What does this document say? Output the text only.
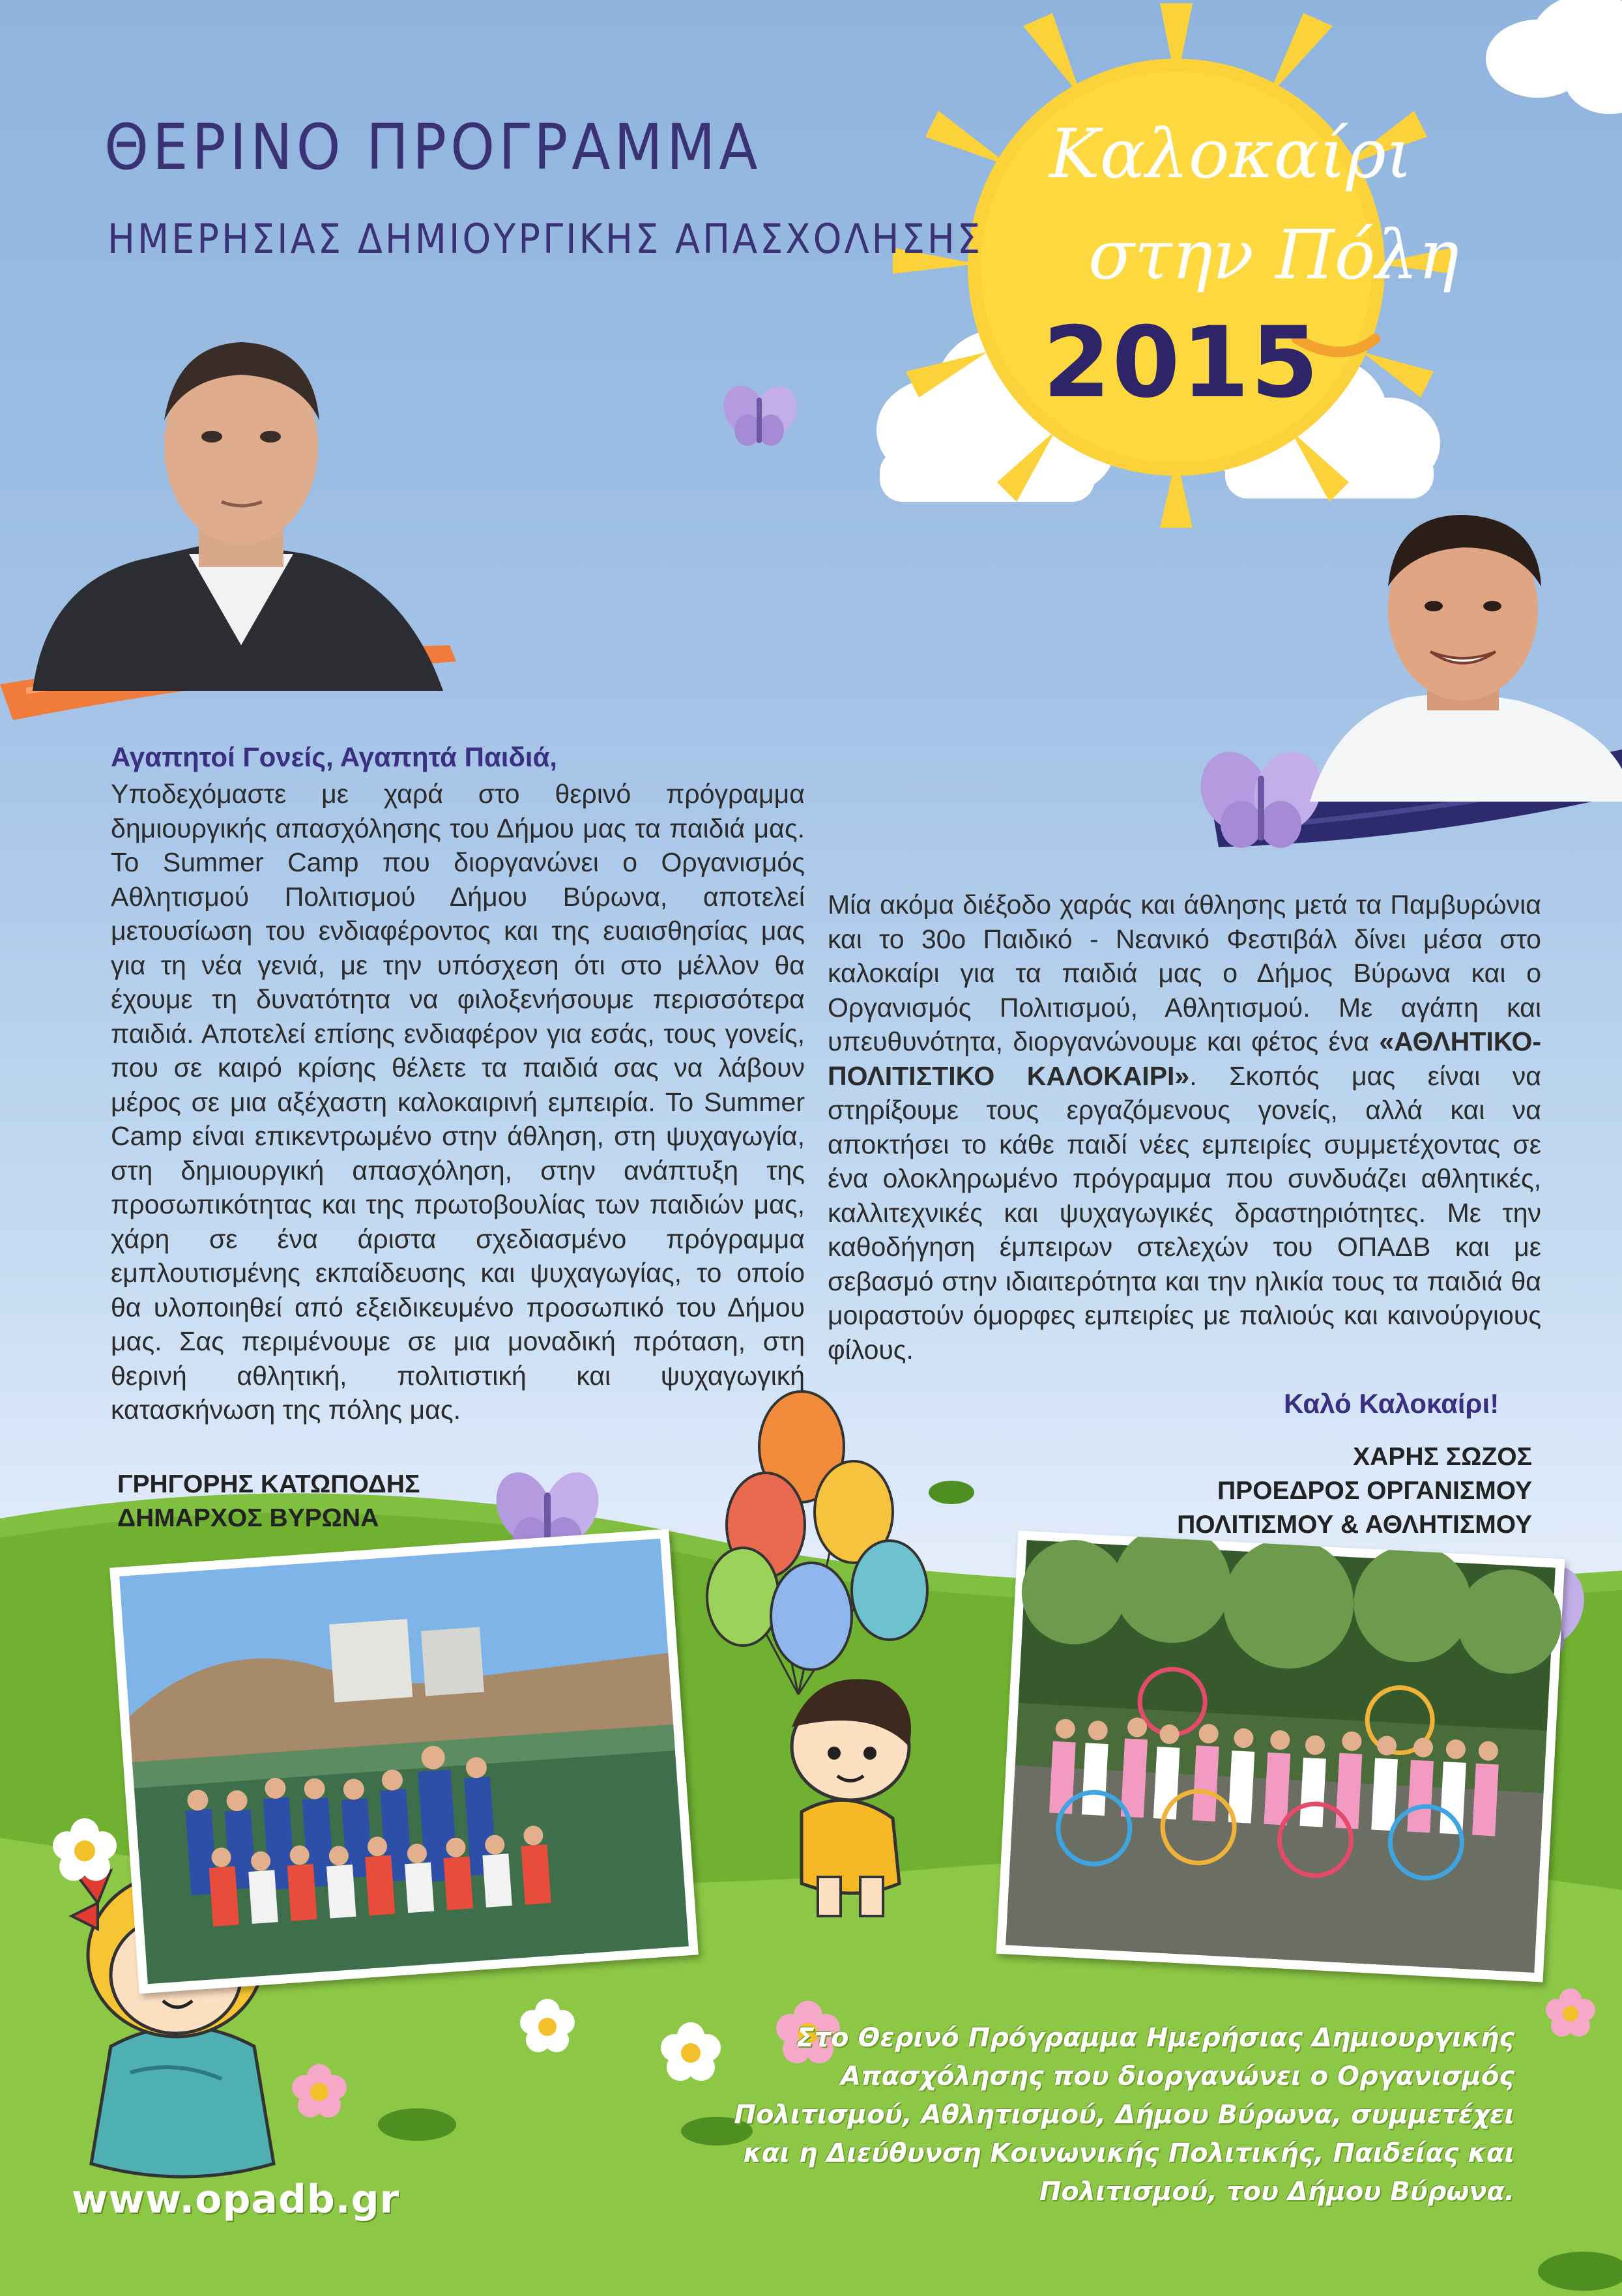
ΘΕΡΙΝΟ ΠΡΟΓΡΑΜΜΑ
ΗΜΕΡΗΣΙΑΣ ΔΗΜΙΟΥΡΓΙΚΗΣ ΑΠΑΣΧΟΛΗΣΗΣ
Καλοκαίρι
στην Πόλη
2015
Αγαπητοί Γονείς, Αγαπητά Παιδιά,
Υποδεχόμαστε με χαρά στο θερινό πρόγραμμα δημιουργικής απασχόλησης του Δήμου μας τα παιδιά μας. Το Summer Camp που διοργανώνει ο Οργανισμός Αθλητισμού Πολιτισμού Δήμου Βύρωνα, αποτελεί μετουσίωση του ενδιαφέροντος και της ευαισθησίας μας για τη νέα γενιά, με την υπόσχεση ότι στο μέλλον θα έχουμε τη δυνατότητα να φιλοξενήσουμε περισσότερα παιδιά. Αποτελεί επίσης ενδιαφέρον για εσάς, τους γονείς, που σε καιρό κρίσης θέλετε τα παιδιά σας να λάβουν μέρος σε μια αξέχαστη καλοκαιρινή εμπειρία. Το Summer Camp είναι επικεντρωμένο στην άθληση, στη ψυχαγωγία, στη δημιουργική απασχόληση, στην ανάπτυξη της προσωπικότητας και της πρωτοβουλίας των παιδιών μας, χάρη σε ένα άριστα σχεδιασμένο πρόγραμμα εμπλουτισμένης εκπαίδευσης και ψυχαγωγίας, το οποίο θα υλοποιηθεί από εξειδικευμένο προσωπικό του Δήμου μας. Σας περιμένουμε σε μια μοναδική πρόταση, στη θερινή αθλητική, πολιτιστική και ψυχαγωγική κατασκήνωση της πόλης μας.
ΓΡΗΓΟΡΗΣ ΚΑΤΩΠΟΔΗΣ
ΔΗΜΑΡΧΟΣ ΒΥΡΩΝΑ
Μία ακόμα διέξοδο χαράς και άθλησης μετά τα Παμβυρώνια και το 30ο Παιδικό - Νεανικό Φεστιβάλ δίνει μέσα στο καλοκαίρι για τα παιδιά μας ο Δήμος Βύρωνα και ο Οργανισμός Πολιτισμού, Αθλητισμού. Με αγάπη και υπευθυνότητα, διοργανώνουμε και φέτος ένα «ΑΘΛΗΤΙΚΟ-ΠΟΛΙΤΙΣΤΙΚΟ ΚΑΛΟΚΑΙΡΙ». Σκοπός μας είναι να στηρίξουμε τους εργαζόμενους γονείς, αλλά και να αποκτήσει το κάθε παιδί νέες εμπειρίες συμμετέχοντας σε ένα ολοκληρωμένο πρόγραμμα που συνδυάζει αθλητικές, καλλιτεχνικές και ψυχαγωγικές δραστηριότητες. Με την καθοδήγηση έμπειρων στελεχών του ΟΠΑΔΒ και με σεβασμό στην ιδιαιτερότητα και την ηλικία τους τα παιδιά θα μοιραστούν όμορφες εμπειρίες με παλιούς και καινούργιους φίλους.
Καλό Καλοκαίρι!
ΧΑΡΗΣ ΣΩΖΟΣ
ΠΡΟΕΔΡΟΣ ΟΡΓΑΝΙΣΜΟΥ
ΠΟΛΙΤΙΣΜΟΥ & ΑΘΛΗΤΙΣΜΟΥ
Στο Θερινό Πρόγραμμα Ημερήσιας Δημιουργικής Απασχόλησης που διοργανώνει ο Οργανισμός Πολιτισμού, Αθλητισμού, Δήμου Βύρωνα, συμμετέχει και η Διεύθυνση Κοινωνικής Πολιτικής, Παιδείας και Πολιτισμού, του Δήμου Βύρωνα.
www.opadb.gr
